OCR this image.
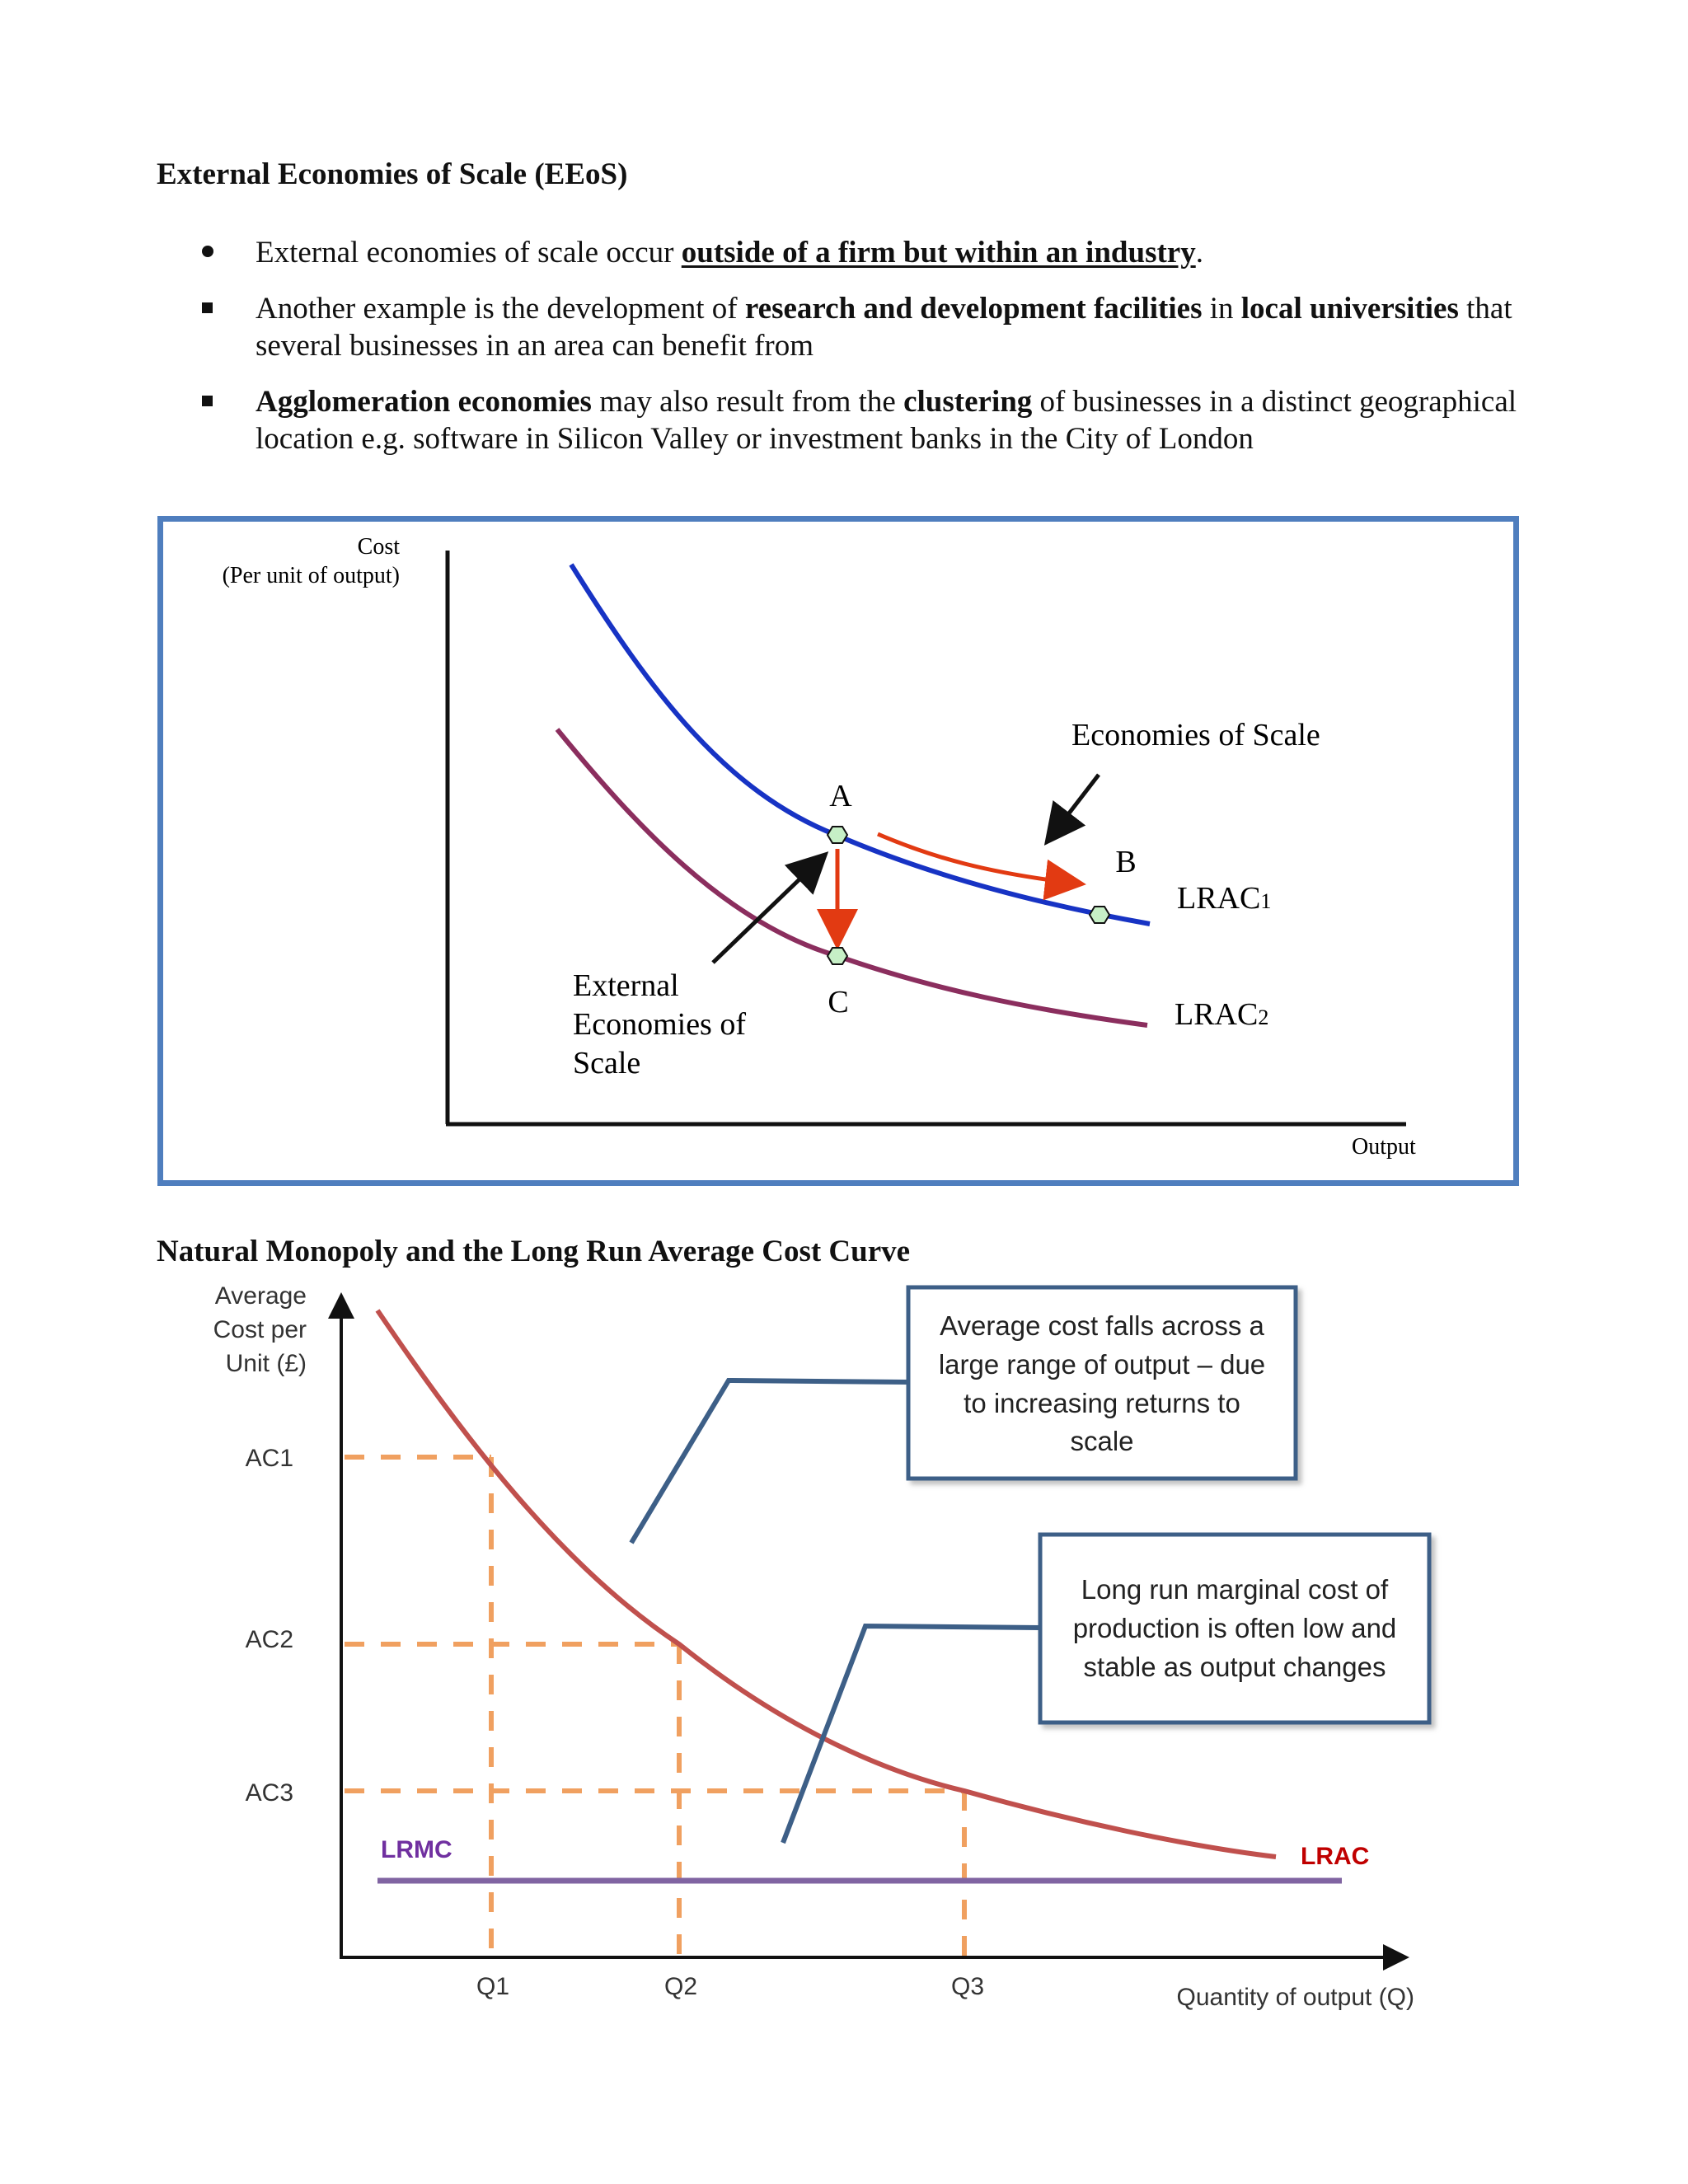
External Economies of Scale (EEoS)
External economies of scale occur outside of a firm but within an industry.
Another example is the development of research and development facilities in local universities that several businesses in an area can benefit from
Agglomeration economies may also result from the clustering of businesses in a distinct geographical location e.g. software in Silicon Valley or investment banks in the City of London
Cost
(Per unit of output)
Output
A
B
C
Economies of Scale
External
Economies of
Scale
LRAC1
LRAC2
Natural Monopoly and the Long Run Average Cost Curve
Average
Cost per
Unit (£)
AC1
AC2
AC3
Q1	Q2	Q3	Quantity of output (Q)
LRMC	LRAC
Average cost falls across a
large range of output – due
to increasing returns to
scale
Long run marginal cost of
production is often low and
stable as output changes
